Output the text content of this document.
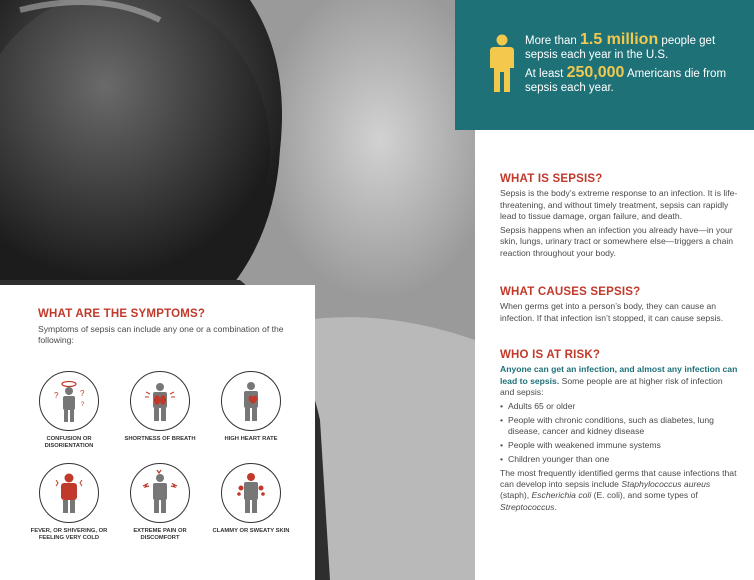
More than 1.5 million people get sepsis each year in the U.S.
At least 250,000 Americans die from sepsis each year.
WHAT IS SEPSIS?
Sepsis is the body’s extreme response to an infection. It is life-threatening, and without timely treatment, sepsis can rapidly lead to tissue damage, organ failure, and death.
Sepsis happens when an infection you already have—in your skin, lungs, urinary tract or somewhere else—triggers a chain reaction throughout your body.
WHAT CAUSES SEPSIS?
When germs get into a person’s body, they can cause an infection. If that infection isn’t stopped, it can cause sepsis.
WHO IS AT RISK?
Anyone can get an infection, and almost any infection can lead to sepsis. Some people are at higher risk of infection and sepsis:
• Adults 65 or older
• People with chronic conditions, such as diabetes, lung disease, cancer and kidney disease
• People with weakened immune systems
• Children younger than one
The most frequently identified germs that cause infections that can develop into sepsis include Staphylococcus aureus (staph), Escherichia coli (E. coli), and some types of Streptococcus.
WHAT ARE THE SYMPTOMS?
Symptoms of sepsis can include any one or a combination of the following:
?	?
?
CONFUSION OR DISORIENTATION
SHORTNESS OF BREATH	HIGH HEART RATE
FEVER, OR SHIVERING, OR FEELING VERY COLD
EXTREME PAIN OR DISCOMFORT
CLAMMY OR SWEATY SKIN
